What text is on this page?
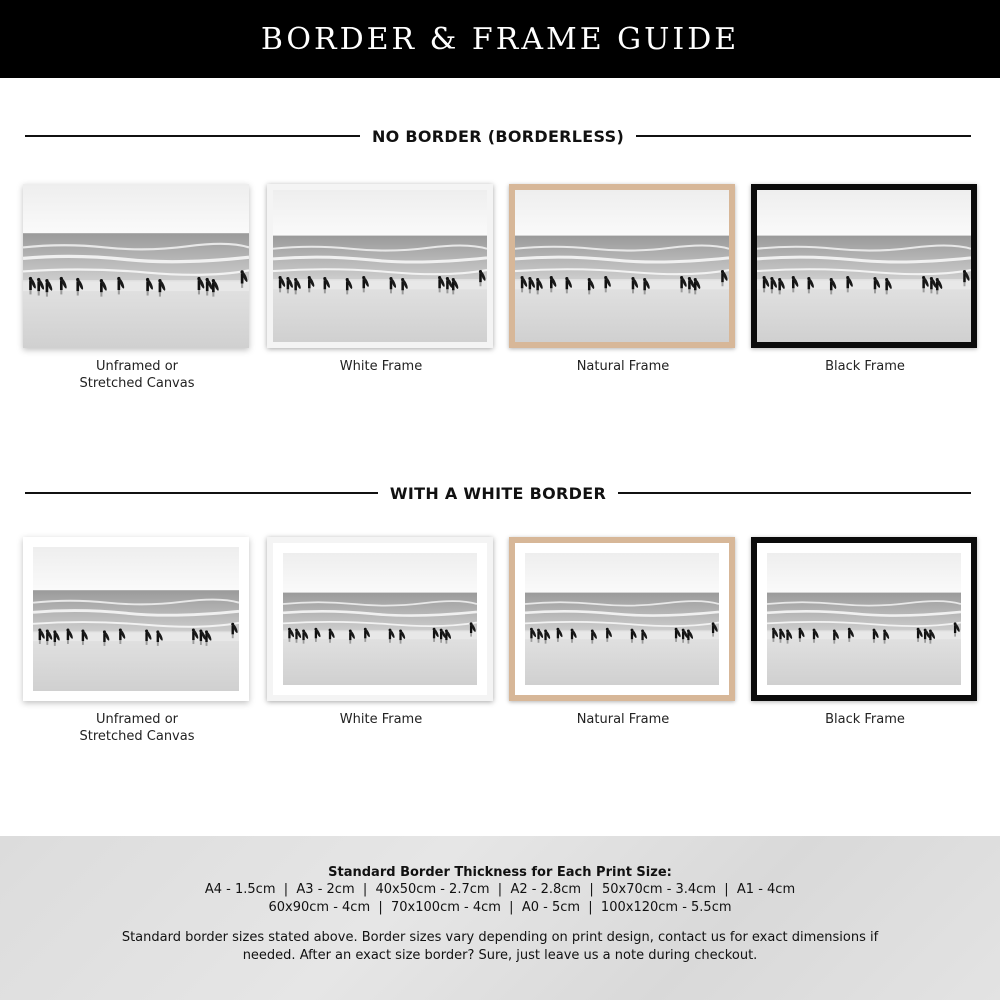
BORDER & FRAME GUIDE
NO BORDER (BORDERLESS)
Unframed or
Stretched Canvas
White Frame	Natural Frame	Black Frame
WITH A WHITE BORDER
Unframed or
Stretched Canvas
White Frame	Natural Frame	Black Frame
Standard Border Thickness for Each Print Size:
A4 - 1.5cm  |  A3 - 2cm  |  40x50cm - 2.7cm  |  A2 - 2.8cm  |  50x70cm - 3.4cm  |  A1 - 4cm
60x90cm - 4cm  |  70x100cm - 4cm  |  A0 - 5cm  |  100x120cm - 5.5cm
Standard border sizes stated above. Border sizes vary depending on print design, contact us for exact dimensions if needed. After an exact size border? Sure, just leave us a note during checkout.
